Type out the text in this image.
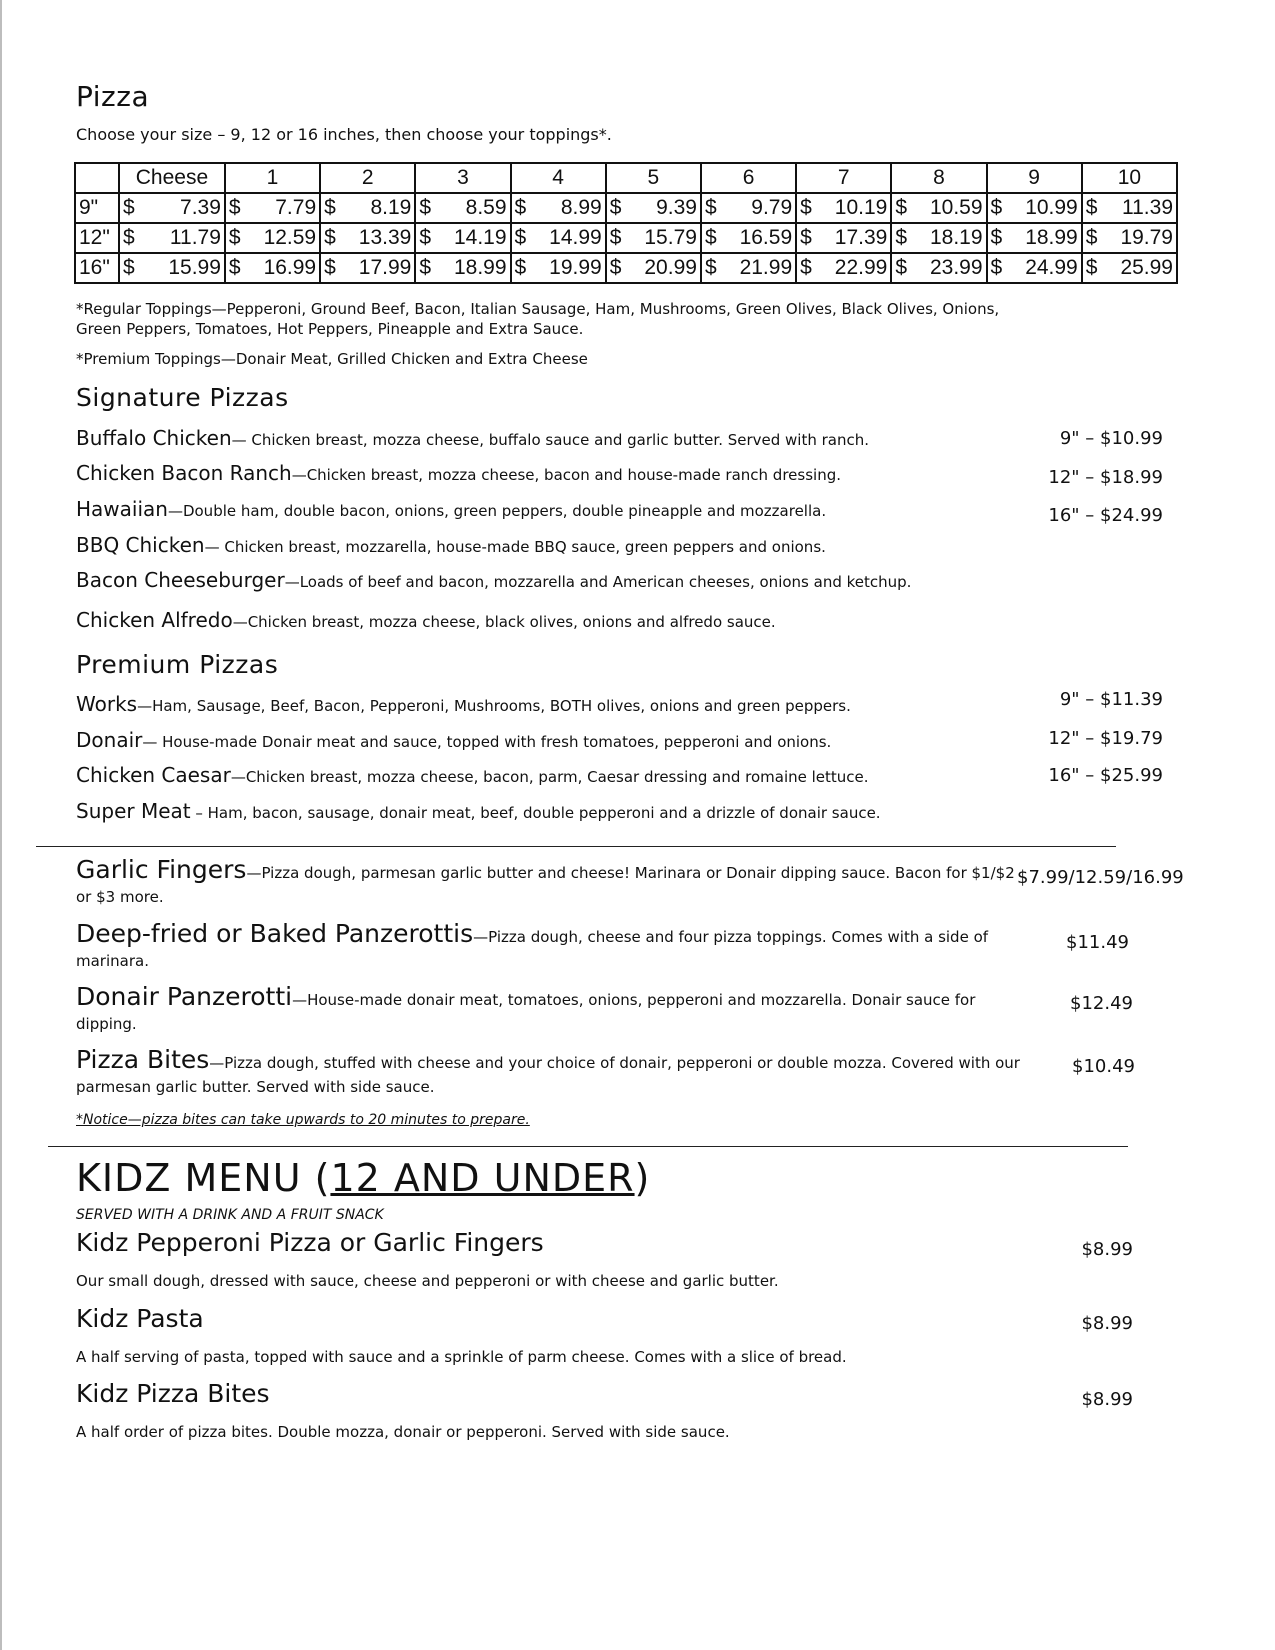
Pizza
Choose your size – 9, 12 or 16 inches, then choose your toppings*.
	Cheese	1	2	3	4	5	6	7	8	9	10
9"	$ 7.39	$ 7.79	$ 8.19	$ 8.59	$ 8.99	$ 9.39	$ 9.79	$ 10.19	$ 10.59	$ 10.99	$ 11.39

12"	$ 11.79	$ 12.59	$ 13.39	$ 14.19	$ 14.99	$ 15.79	$ 16.59	$ 17.39	$ 18.19	$ 18.99	$ 19.79

16"	$ 15.99	$ 16.99	$ 17.99	$ 18.99	$ 19.99	$ 20.99	$ 21.99	$ 22.99	$ 23.99	$ 24.99	$ 25.99
*Regular Toppings—Pepperoni, Ground Beef, Bacon, Italian Sausage, Ham, Mushrooms, Green Olives, Black Olives, Onions, Green Peppers, Tomatoes, Hot Peppers, Pineapple and Extra Sauce.
*Premium Toppings—Donair Meat, Grilled Chicken and Extra Cheese
Signature Pizzas
Buffalo Chicken— Chicken breast, mozza cheese, buffalo sauce and garlic butter. Served with ranch.
Chicken Bacon Ranch—Chicken breast, mozza cheese, bacon and house-made ranch dressing.
Hawaiian—Double ham, double bacon, onions, green peppers, double pineapple and mozzarella.
BBQ Chicken— Chicken breast, mozzarella, house-made BBQ sauce, green peppers and onions.
Bacon Cheeseburger—Loads of beef and bacon, mozzarella and American cheeses, onions and ketchup.
Chicken Alfredo—Chicken breast, mozza cheese, black olives, onions and alfredo sauce.
9" – $10.99
12" – $18.99
16" – $24.99
Premium Pizzas
Works—Ham, Sausage, Beef, Bacon, Pepperoni, Mushrooms, BOTH olives, onions and green peppers.
Donair— House-made Donair meat and sauce, topped with fresh tomatoes, pepperoni and onions.
Chicken Caesar—Chicken breast, mozza cheese, bacon, parm, Caesar dressing and romaine lettuce.
Super Meat – Ham, bacon, sausage, donair meat, beef, double pepperoni and a drizzle of donair sauce.
9" – $11.39
12" – $19.79
16" – $25.99
Garlic Fingers—Pizza dough, parmesan garlic butter and cheese! Marinara or Donair dipping sauce. Bacon for $1/$2 or $3 more.
$7.99/12.59/16.99
Deep-fried or Baked Panzerottis—Pizza dough, cheese and four pizza toppings. Comes with a side of marinara.
$11.49
Donair Panzerotti—House-made donair meat, tomatoes, onions, pepperoni and mozzarella. Donair sauce for dipping.
$12.49
Pizza Bites—Pizza dough, stuffed with cheese and your choice of donair, pepperoni or double mozza. Covered with our parmesan garlic butter. Served with side sauce.
$10.49
*Notice—pizza bites can take upwards to 20 minutes to prepare.
KIDZ MENU (12 AND UNDER)
SERVED WITH A DRINK AND A FRUIT SNACK
Kidz Pepperoni Pizza or Garlic Fingers
Our small dough, dressed with sauce, cheese and pepperoni or with cheese and garlic butter.
$8.99
Kidz Pasta
A half serving of pasta, topped with sauce and a sprinkle of parm cheese. Comes with a slice of bread.
$8.99
Kidz Pizza Bites
A half order of pizza bites. Double mozza, donair or pepperoni. Served with side sauce.
$8.99
